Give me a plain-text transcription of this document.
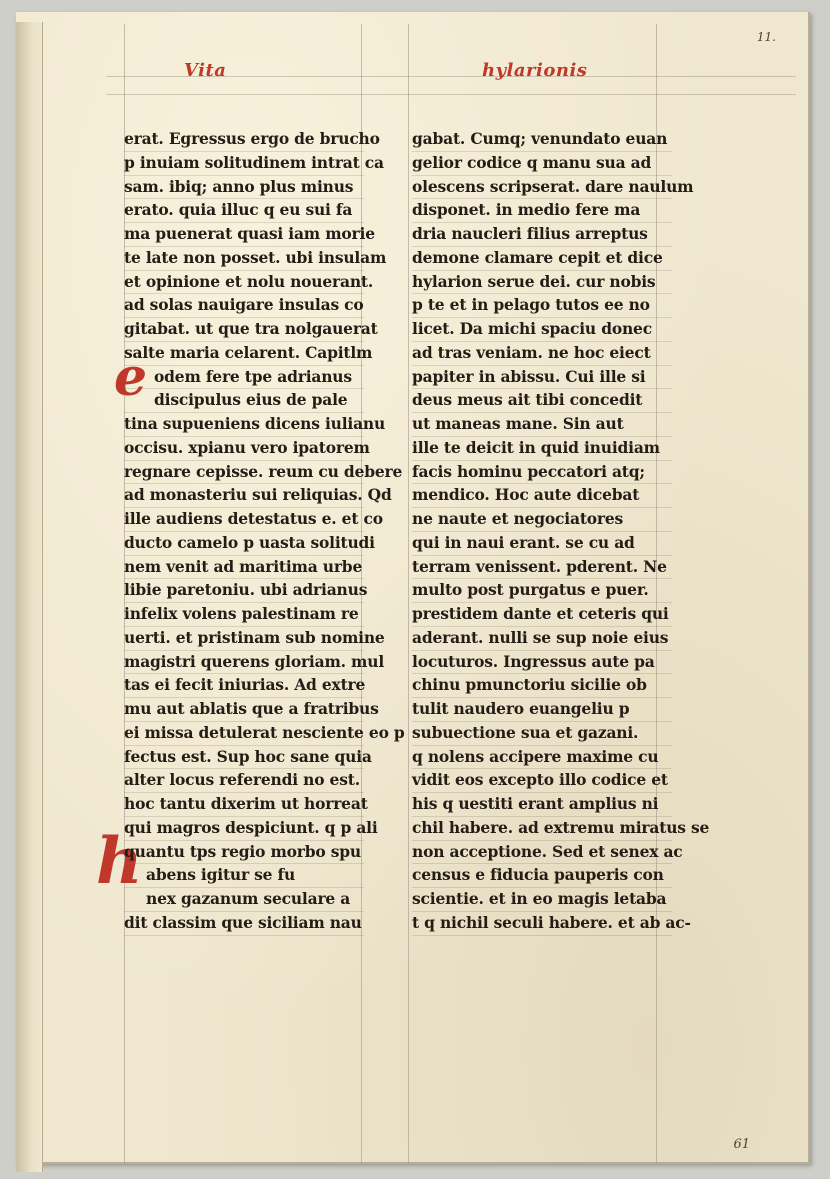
11.
Vita	hylarionis
e
h
erat. Egressus ergo de brucho
p inuiam solitudinem intrat ca
sam. ibiq; anno plus minus
erato. quia illuc q eu sui fa
ma puenerat quasi iam morie
te late non posset. ubi insulam
et opinione et nolu nouerant.
ad solas nauigare insulas co
gitabat. ut que tra nolgauerat
salte maria celarent. Capitlm
odem fere tpe adrianus
discipulus eius de pale
tina supueniens dicens iulianu
occisu. xpianu vero ipatorem
regnare cepisse. reum cu debere
ad monasteriu sui reliquias. Qd
ille audiens detestatus e. et co
ducto camelo p uasta solitudi
nem venit ad maritima urbe
libie paretoniu. ubi adrianus
infelix volens palestinam re
uerti. et pristinam sub nomine
magistri querens gloriam. mul
tas ei fecit iniurias. Ad extre
mu aut ablatis que a fratribus
ei missa detulerat nesciente eo p
fectus est. Sup hoc sane quia
alter locus referendi no est.
hoc tantu dixerim ut horreat
qui magros despiciunt. q p ali
quantu tps regio morbo spu
abens igitur se fu
nex gazanum seculare a
dit classim que siciliam nau
gabat. Cumq; venundato euan
gelior codice q manu sua ad
olescens scripserat. dare naulum
disponet. in medio fere ma
dria naucleri filius arreptus
demone clamare cepit et dice
hylarion serue dei. cur nobis
p te et in pelago tutos ee no
licet. Da michi spaciu donec
ad tras veniam. ne hoc eiect
papiter in abissu. Cui ille si
deus meus ait tibi concedit
ut maneas mane. Sin aut
ille te deicit in quid inuidiam
facis hominu peccatori atq;
mendico. Hoc aute dicebat
ne naute et negociatores
qui in naui erant. se cu ad
terram venissent. pderent. Ne
multo post purgatus e puer.
prestidem dante et ceteris qui
aderant. nulli se sup noie eius
locuturos. Ingressus aute pa
chinu pmunctoriu sicilie ob
tulit naudero euangeliu p
subuectione sua et gazani.
q nolens accipere maxime cu
vidit eos excepto illo codice et
his q uestiti erant amplius ni
chil habere. ad extremu miratus se
non acceptione. Sed et senex ac
census e fiducia pauperis con
scientie. et in eo magis letaba
t q nichil seculi habere. et ab ac-
61
